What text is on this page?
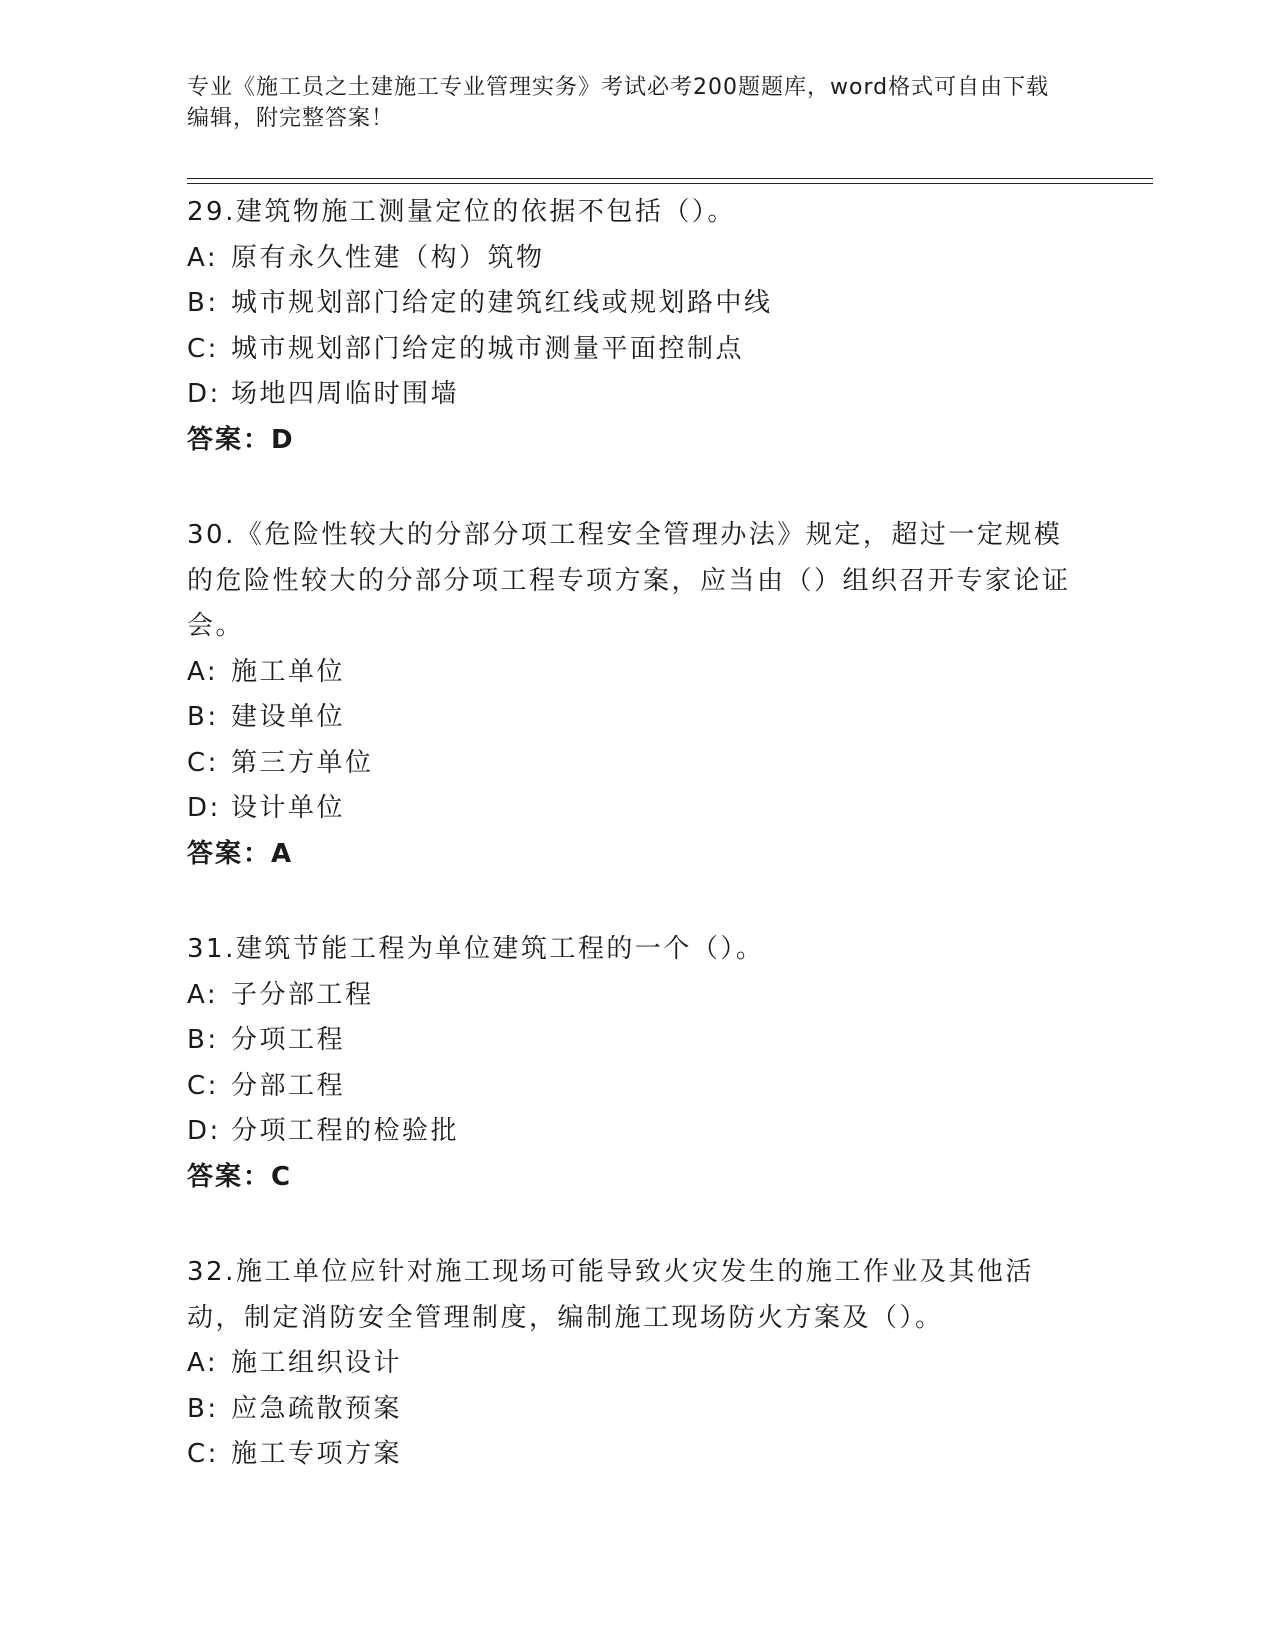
专业《施工员之土建施工专业管理实务》考试必考200题题库，word格式可自由下载编辑，附完整答案！
29.建筑物施工测量定位的依据不包括（）。
A: 原有永久性建（构）筑物
B: 城市规划部门给定的建筑红线或规划路中线
C: 城市规划部门给定的城市测量平面控制点
D: 场地四周临时围墙
答案：D
30.《危险性较大的分部分项工程安全管理办法》规定，超过一定规模的危险性较大的分部分项工程专项方案，应当由（）组织召开专家论证会。
A: 施工单位
B: 建设单位
C: 第三方单位
D: 设计单位
答案：A
31.建筑节能工程为单位建筑工程的一个（）。
A: 子分部工程
B: 分项工程
C: 分部工程
D: 分项工程的检验批
答案：C
32.施工单位应针对施工现场可能导致火灾发生的施工作业及其他活动，制定消防安全管理制度，编制施工现场防火方案及（）。
A: 施工组织设计
B: 应急疏散预案
C: 施工专项方案
